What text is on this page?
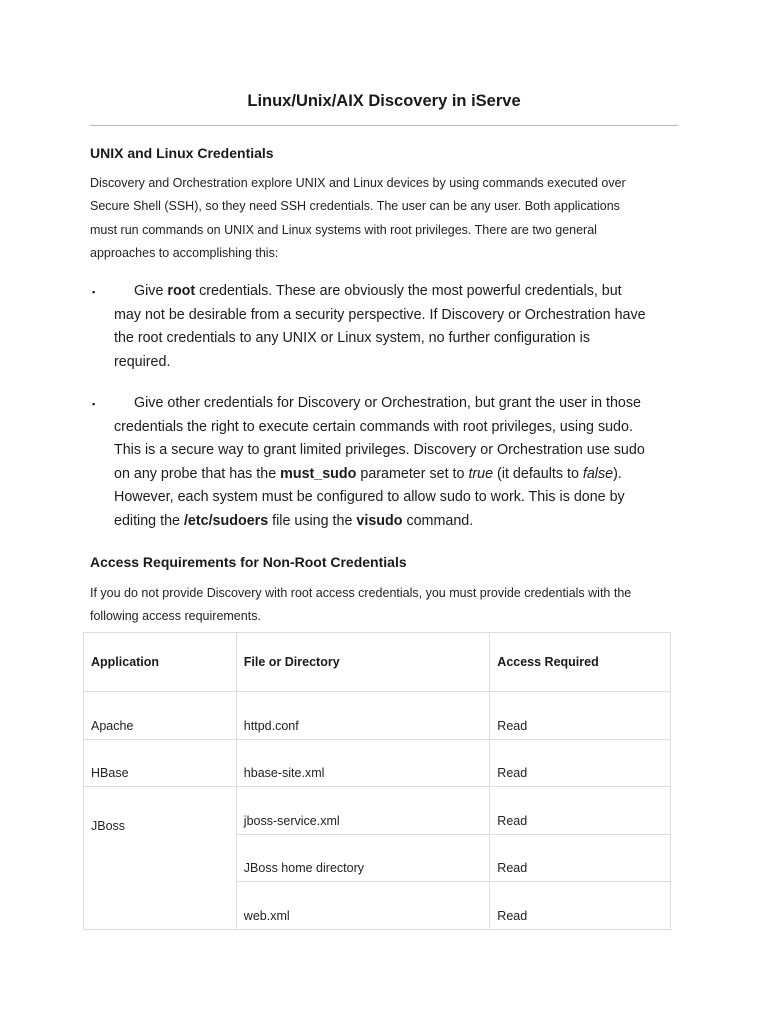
Linux/Unix/AIX Discovery in iServe
UNIX and Linux Credentials

Discovery and Orchestration explore UNIX and Linux devices by using commands executed over
Secure Shell (SSH), so they need SSH credentials. The user can be any user. Both applications
must run commands on UNIX and Linux systems with root privileges. There are two general
approaches to accomplishing this:

▪	Give root credentials. These are obviously the most powerful credentials, but
may not be desirable from a security perspective. If Discovery or Orchestration have
the root credentials to any UNIX or Linux system, no further configuration is
required.
▪	Give other credentials for Discovery or Orchestration, but grant the user in those
credentials the right to execute certain commands with root privileges, using sudo.
This is a secure way to grant limited privileges. Discovery or Orchestration use sudo
on any probe that has the must_sudo parameter set to true (it defaults to false).
However, each system must be configured to allow sudo to work. This is done by
editing the /etc/sudoers file using the visudo command.
Access Requirements for Non-Root Credentials

If you do not provide Discovery with root access credentials, you must provide credentials with the
following access requirements.

Application	File or Directory	Access Required
Apache	httpd.conf	Read
HBase	hbase-site.xml	Read
JBoss	jboss-service.xml	Read
	JBoss home directory	Read
	web.xml	Read
